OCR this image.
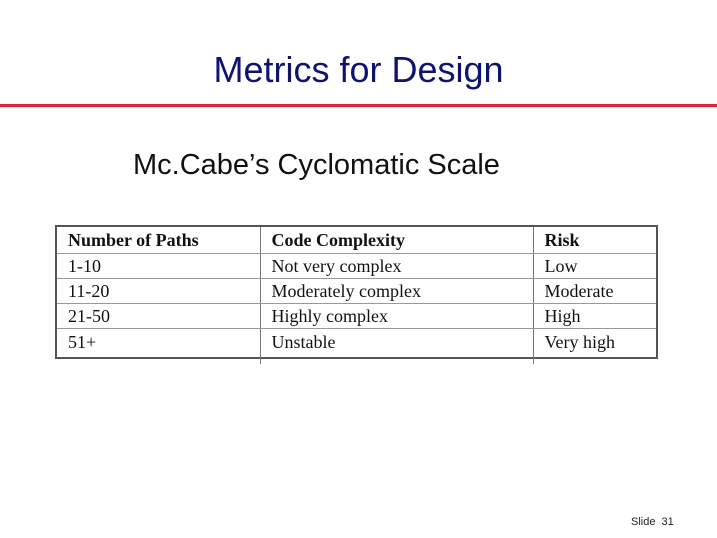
Metrics for Design
Mc.Cabe’s Cyclomatic Scale
Number of Paths	Code Complexity	Risk
1-10	Not very complex	Low
11-20	Moderately complex	Moderate
21-50	Highly complex	High
51+	Unstable	Very high
Slide 31
